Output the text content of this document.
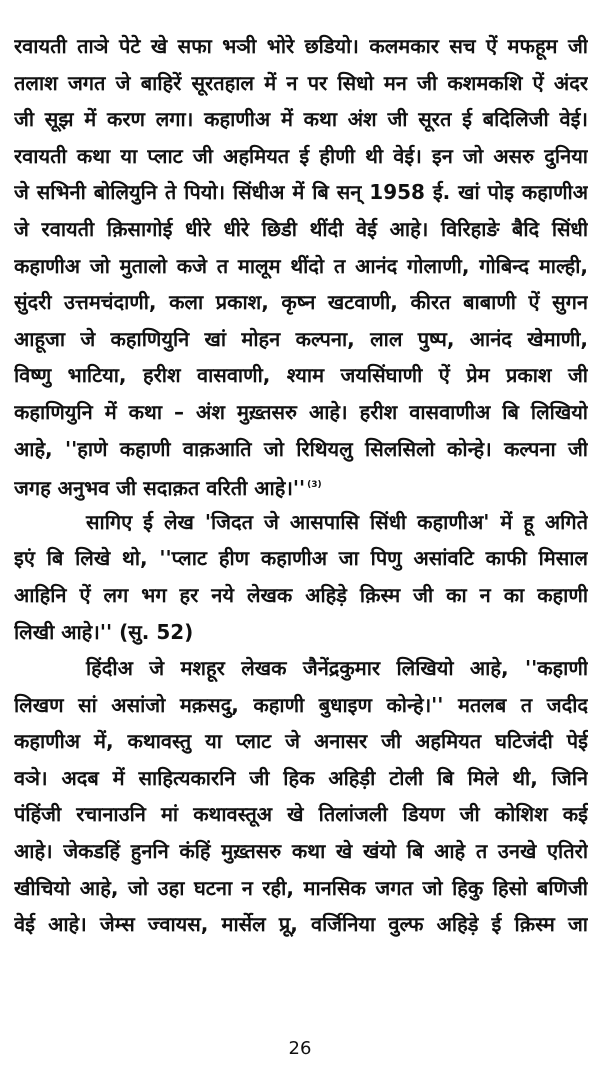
रवायती ताञे पेटे खे सफा भञी भोरे छडियो। कलमकार सच ऐं मफहूम जी
तलाश जगत जे बाहिरें सूरतहाल में न पर सिधो मन जी कशमकशि ऐं अंदर
जी सूझ में करण लगा। कहाणीअ में कथा अंश जी सूरत ई बदिलिजी वेई।
रवायती कथा या प्लाट जी अहमियत ई हीणी थी वेई। इन जो असरु दुनिया
जे सभिनी बोलियुनि ते पियो। सिंधीअ में बि सन् 1958 ई. खां पोइ कहाणीअ
जे रवायती क़िसागोई धीरे धीरे छिडी थींदी वेई आहे। विरिहाङे बैदि सिंधी
कहाणीअ जो मुतालो कजे त मालूम थींदो त आनंद गोलाणी, गोबिन्द माल्ही,
सुंदरी उत्तमचंदाणी, कला प्रकाश, कृष्न खटवाणी, कीरत बाबाणी ऐं सुगन
आहूजा जे कहाणियुनि खां मोहन कल्पना, लाल पुष्प, आनंद खेमाणी,
विष्णु भाटिया, हरीश वासवाणी, श्याम जयसिंघाणी ऐं प्रेम प्रकाश जी
कहाणियुनि में कथा – अंश मुख़्तसरु आहे। हरीश वासवाणीअ बि लिखियो
आहे, ''हाणे कहाणी वाक़आति जो रिथियलु सिलसिलो कोन्हे। कल्पना जी
जगह अनुभव जी सदाक़त वरिती आहे।'' $^{(3)}$
सागिए ई लेख 'जिदत जे आसपासि सिंधी कहाणीअ' में हू अगिते
इएं बि लिखे थो, ''प्लाट हीण कहाणीअ जा पिणु असांवटि काफी मिसाल
आहिनि ऐं लग भग हर नये लेखक अहिड़े क़िस्म जी का न का कहाणी
लिखी आहे।'' (सु. 52)
हिंदीअ जे मशहूर लेखक जैनेंद्रकुमार लिखियो आहे, ''कहाणी
लिखण सां असांजो मक़सदु, कहाणी बुधाइण कोन्हे।'' मतलब त जदीद
कहाणीअ में, कथावस्तु या प्लाट जे अनासर जी अहमियत घटिजंदी पेई
वञे। अदब में साहित्यकारनि जी हिक अहिड़ी टोली बि मिले थी, जिनि
पंहिंजी रचानाउनि मां कथावस्तूअ खे तिलांजली डियण जी कोशिश कई
आहे। जेकडहिं हुननि कंहिं मुख़्तसरु कथा खे खंयो बि आहे त उनखे एतिरो
खीचियो आहे, जो उहा घटना न रही, मानसिक जगत जो हिकु हिसो बणिजी
वेई आहे। जेम्स ज्वायस, मार्सेल प्रू, वर्जिनिया वुल्फ अहिड़े ई क़िस्म जा
26
